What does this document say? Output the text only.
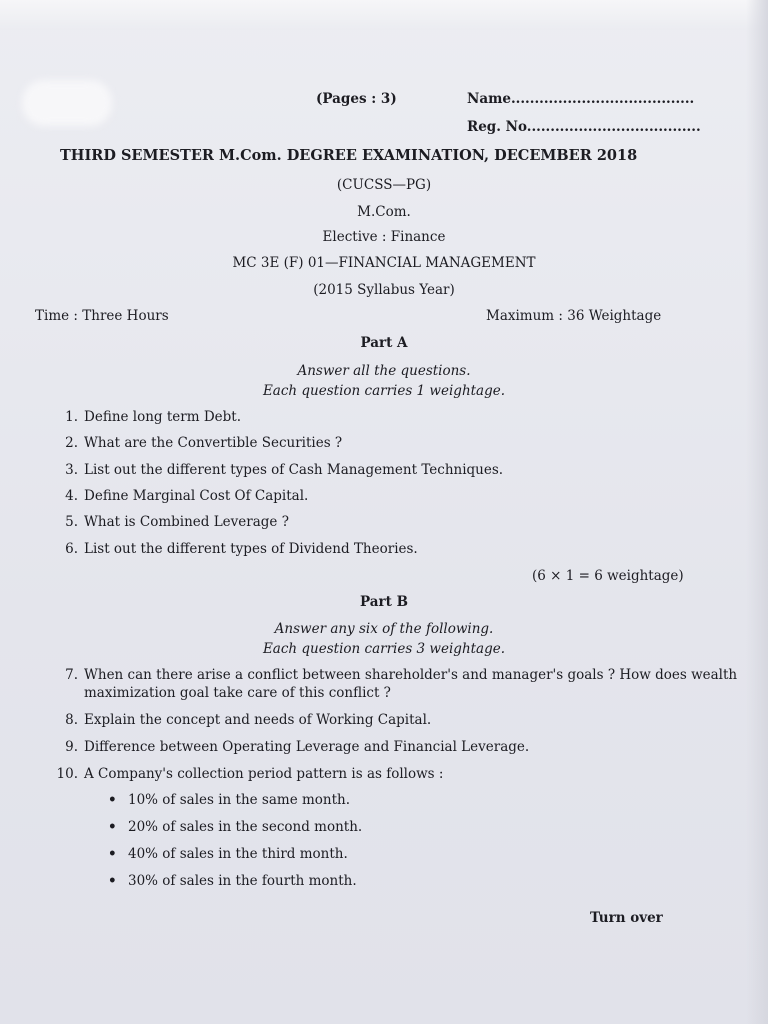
(Pages : 3)	Name.......................................
Reg. No.....................................
THIRD SEMESTER M.Com. DEGREE EXAMINATION, DECEMBER 2018
(CUCSS—PG)
M.Com.
Elective : Finance
MC 3E (F) 01—FINANCIAL MANAGEMENT
(2015 Syllabus Year)
Time : Three Hours	Maximum : 36 Weightage
Part A
Answer all the questions.
Each question carries 1 weightage.
1. Define long term Debt.
2. What are the Convertible Securities ?
3. List out the different types of Cash Management Techniques.
4. Define Marginal Cost Of Capital.
5. What is Combined Leverage ?
6. List out the different types of Dividend Theories.
(6 × 1 = 6 weightage)
Part B
Answer any six of the following.
Each question carries 3 weightage.
7. When can there arise a conflict between shareholder's and manager's goals ? How does wealth
maximization goal take care of this conflict ?
8. Explain the concept and needs of Working Capital.
9. Difference between Operating Leverage and Financial Leverage.
10. A Company's collection period pattern is as follows :
• 10% of sales in the same month.
• 20% of sales in the second month.
• 40% of sales in the third month.
• 30% of sales in the fourth month.
Turn over
